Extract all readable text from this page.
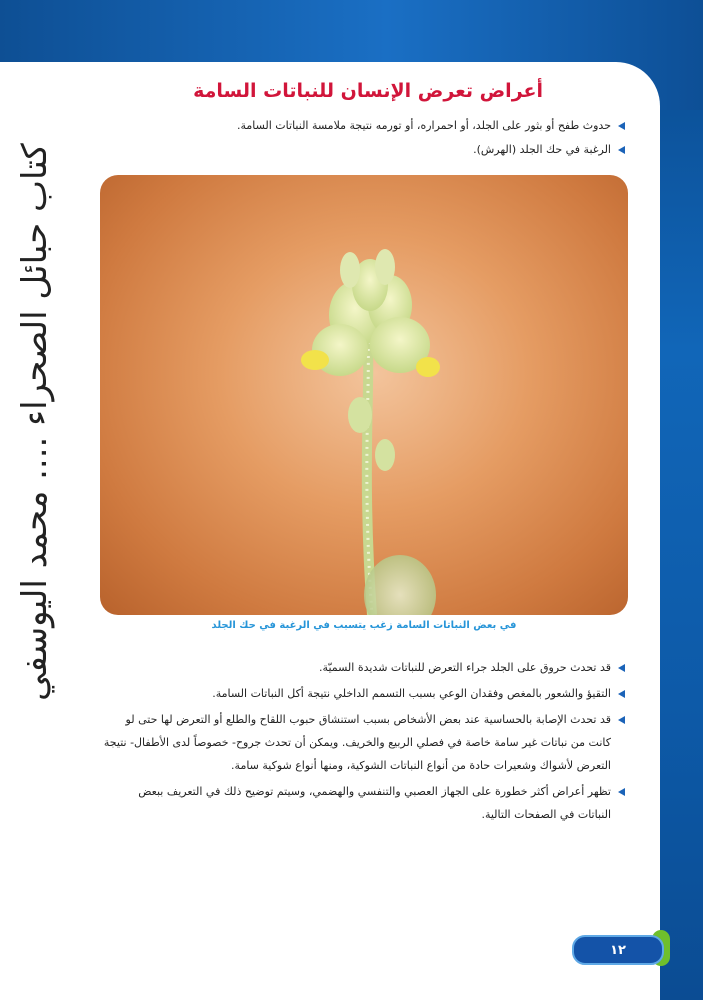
كتاب حبائل الصحراء .... محمد اليوسفي
أعراض تعرض الإنسان للنباتات السامة
حدوث طفح أو بثور على الجلد، أو احمراره، أو تورمه نتيجة ملامسة النباتات السامة.
الرغبة في حك الجلد (الهرش).
في بعض النباتات السامة زغب يتسبب في الرغبة في حك الجلد
قد تحدث حروق على الجلد جراء التعرض للنباتات شديدة السميّة.
التقيؤ والشعور بالمغص وفقدان الوعي بسبب التسمم الداخلي نتيجة أكل النباتات السامة.
قد تحدث الإصابة بالحساسية عند بعض الأشخاص بسبب استنشاق حبوب اللقاح والطلع أو التعرض لها حتى لو كانت من نباتات غير سامة خاصة في فصلي الربيع والخريف. ويمكن أن تحدث جروح- خصوصاً لدى الأطفال- نتيجة التعرض لأشواك وشعيرات حادة من أنواع النباتات الشوكية، ومنها أنواع شوكية سامة.
تظهر أعراض أكثر خطورة على الجهاز العصبي والتنفسي والهضمي، وسيتم توضيح ذلك في التعريف ببعض النباتات في الصفحات التالية.
١٢
